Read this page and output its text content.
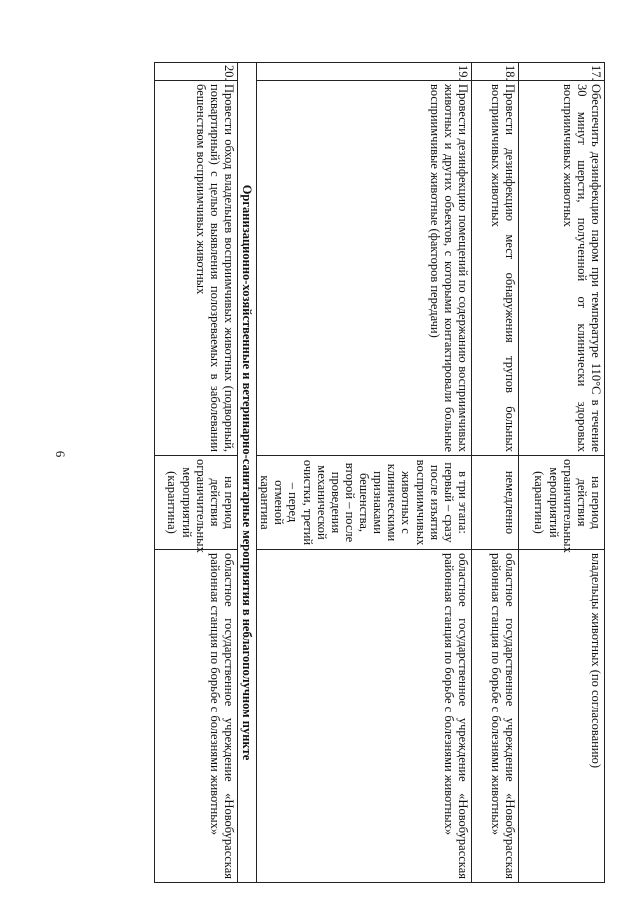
6
17.	Обеспечить дезинфекцию паром при температуре 110°С в течение 30 минут шерсти, полученной от клинически здоровых восприимчивых животных	на период действия ограничительных мероприятий (карантина)	владельцы животных (по согласованию)
18.	Провести дезинфекцию мест обнаружения трупов больных восприимчивых животных	немедленно	областное государственное учреждение «Новобурасская районная станция по борьбе с болезнями животных»
19.	Провести дезинфекцию помещений по содержанию восприимчивых животных и других объектов, с которыми контактировали больные восприимчивые животные (факторов передачи)	в три этапа: первый – сразу после изъятия восприимчивых животных с клиническими признаками бешенства, второй – после проведения механической очистки, третий – перед отменой карантина	областное государственное учреждение «Новобурасская районная станция по борьбе с болезнями животных»
Организационно-хозяйственные и ветеринарно-санитарные мероприятия в неблагополучном пункте			
20.	Провести обход владельцев восприимчивых животных (подворный, поквартирный) с целью выявления полозреваемых в заболевании бешенством восприимчивых животных	на период действия ограничительных мероприятий (карантина)	областное государственное учреждение «Новобурасская районная станция по борьбе с болезнями животных»
